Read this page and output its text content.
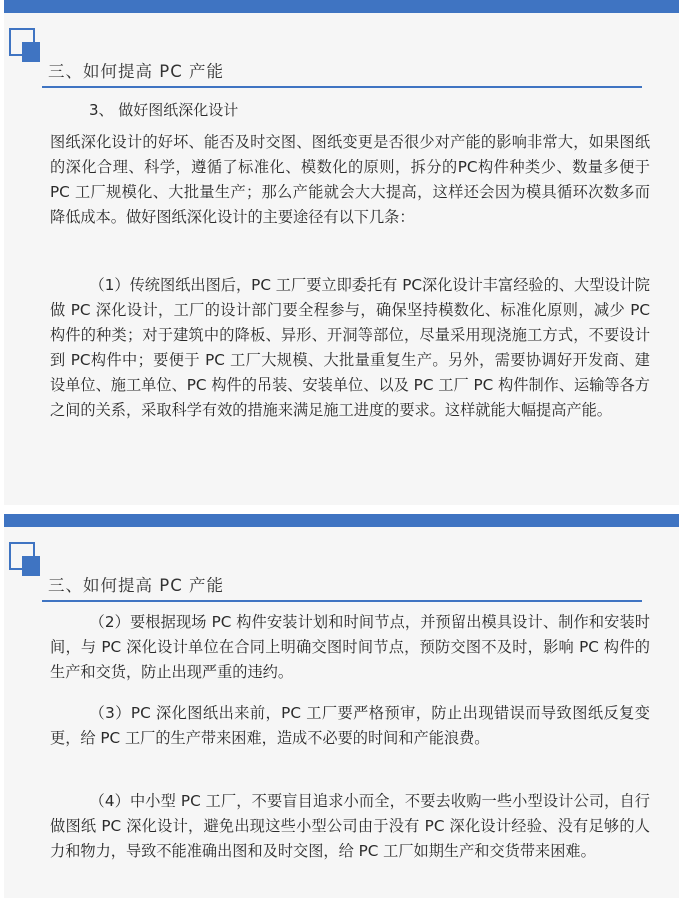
三、如何提高 PC 产能
3、 做好图纸深化设计

图纸深化设计的好坏、能否及时交图、图纸变更是否很少对产能的影响非常大，如果图纸的深化合理、科学，遵循了标准化、模数化的原则，拆分的PC构件种类少、数量多便于 PC 工厂规模化、大批量生产；那么产能就会大大提高，这样还会因为模具循环次数多而降低成本。做好图纸深化设计的主要途径有以下几条：

（1）传统图纸出图后，PC 工厂要立即委托有 PC深化设计丰富经验的、大型设计院做 PC 深化设计，工厂的设计部门要全程参与，确保坚持模数化、标准化原则，减少 PC 构件的种类；对于建筑中的降板、异形、开洞等部位，尽量采用现浇施工方式，不要设计到 PC构件中；要便于 PC 工厂大规模、大批量重复生产。另外，需要协调好开发商、建设单位、施工单位、PC 构件的吊装、安装单位、以及 PC 工厂 PC 构件制作、运输等各方之间的关系，采取科学有效的措施来满足施工进度的要求。这样就能大幅提高产能。

三、如何提高 PC 产能

（2）要根据现场 PC 构件安装计划和时间节点，并预留出模具设计、制作和安装时间，与 PC 深化设计单位在合同上明确交图时间节点，预防交图不及时，影响 PC 构件的生产和交货，防止出现严重的违约。

（3）PC 深化图纸出来前，PC 工厂要严格预审，防止出现错误而导致图纸反复变更，给 PC 工厂的生产带来困难，造成不必要的时间和产能浪费。

（4）中小型 PC 工厂，不要盲目追求小而全，不要去收购一些小型设计公司，自行做图纸 PC 深化设计，避免出现这些小型公司由于没有 PC 深化设计经验、没有足够的人力和物力，导致不能准确出图和及时交图，给 PC 工厂如期生产和交货带来困难。
